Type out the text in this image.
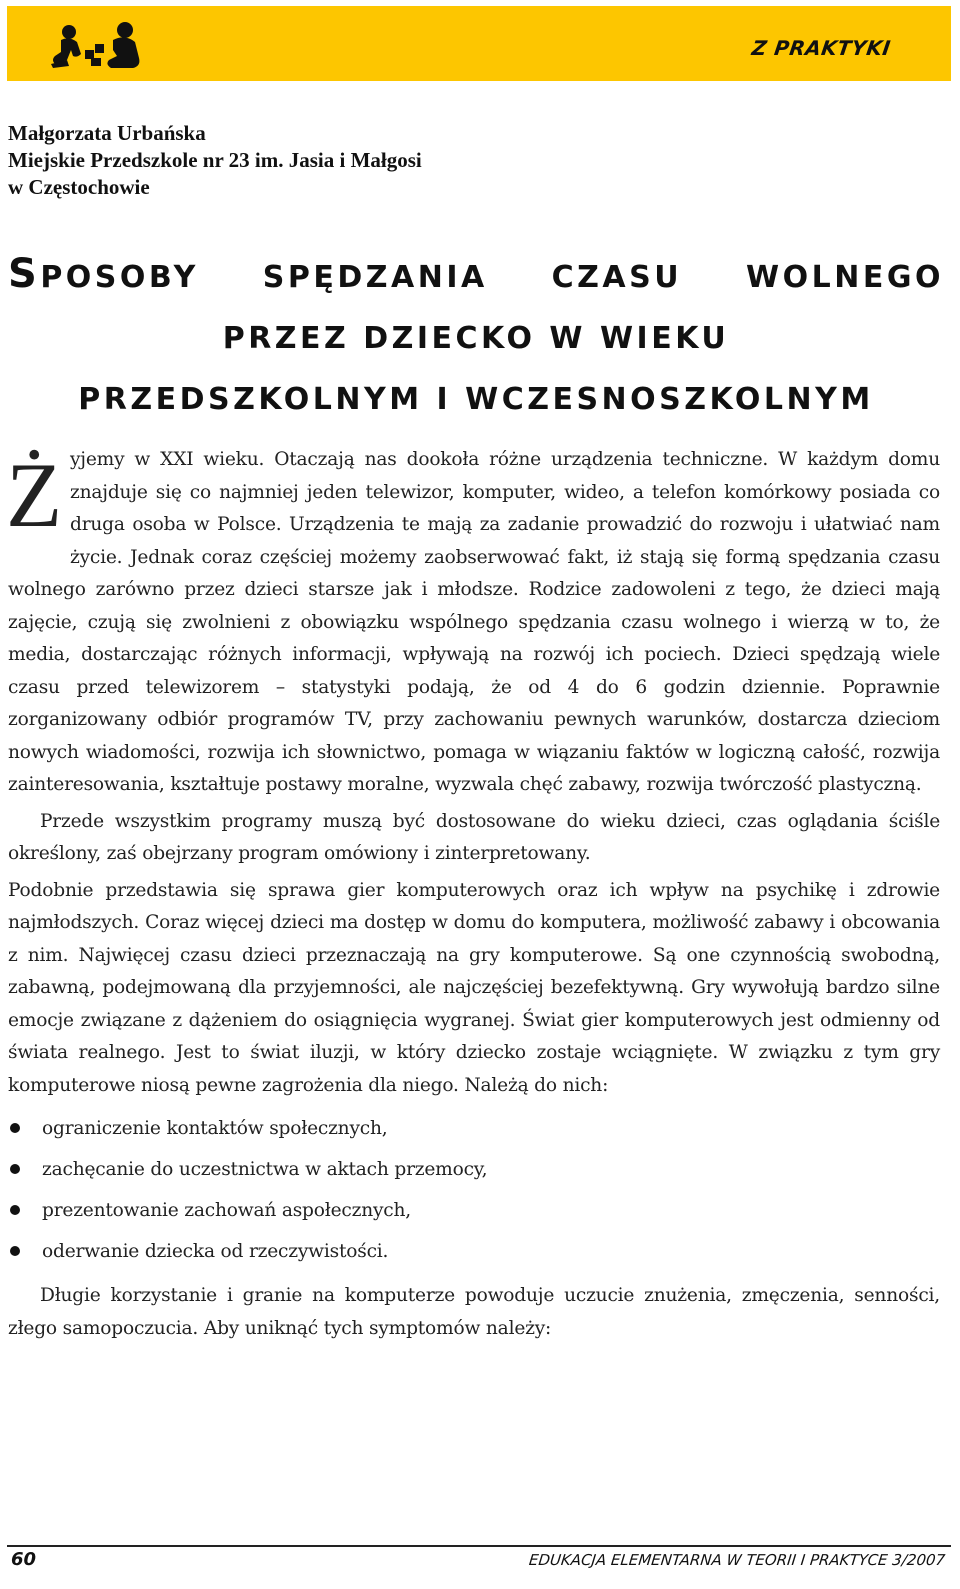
Z PRAKTYKI
Małgorzata Urbańska
Miejskie Przedszkole nr 23 im. Jasia i Małgosi
w Częstochowie
SPOSOBY SPĘDZANIA CZASU WOLNEGO
PRZEZ DZIECKO W WIEKU
PRZEDSZKOLNYM I WCZESNOSZKOLNYM

Żyjemy w XXI wieku. Otaczają nas dookoła różne urządzenia techniczne. W każdym domu znajduje się co najmniej jeden telewizor, komputer, wideo, a telefon komórkowy posiada co druga osoba w Polsce. Urządzenia te mają za zadanie prowadzić do rozwoju i ułatwiać nam życie. Jednak coraz częściej możemy zaobserwować fakt, iż stają się formą spędzania czasu wolnego zarówno przez dzieci starsze jak i młodsze. Rodzice zadowoleni z tego, że dzieci mają zajęcie, czują się zwolnieni z obowiązku wspólnego spędzania czasu wolnego i wierzą w to, że media, dostarczając różnych informacji, wpływają na rozwój ich pociech. Dzieci spędzają wiele czasu przed telewizorem – statystyki podają, że od 4 do 6 godzin dziennie. Poprawnie zorganizowany odbiór programów TV, przy zachowaniu pewnych warunków, dostarcza dzieciom nowych wiadomości, rozwija ich słownictwo, pomaga w wiązaniu faktów w logiczną całość, rozwija zainteresowania, kształtuje postawy moralne, wyzwala chęć zabawy, rozwija twórczość plastyczną.

Przede wszystkim programy muszą być dostosowane do wieku dzieci, czas oglądania ściśle określony, zaś obejrzany program omówiony i zinterpretowany.

Podobnie przedstawia się sprawa gier komputerowych oraz ich wpływ na psychikę i zdrowie najmłodszych. Coraz więcej dzieci ma dostęp w domu do komputera, możliwość zabawy i obcowania z nim. Najwięcej czasu dzieci przeznaczają na gry komputerowe. Są one czynnością swobodną, zabawną, podejmowaną dla przyjemności, ale najczęściej bezefektywną. Gry wywołują bardzo silne emocje związane z dążeniem do osiągnięcia wygranej. Świat gier komputerowych jest odmienny od świata realnego. Jest to świat iluzji, w który dziecko zostaje wciągnięte. W związku z tym gry komputerowe niosą pewne zagrożenia dla niego. Należą do nich:

ograniczenie kontaktów społecznych,
zachęcanie do uczestnictwa w aktach przemocy,
prezentowanie zachowań aspołecznych,
oderwanie dziecka od rzeczywistości.

Długie korzystanie i granie na komputerze powoduje uczucie znużenia, zmęczenia, senności, złego samopoczucia. Aby uniknąć tych symptomów należy:

60	EDUKACJA ELEMENTARNA W TEORII I PRAKTYCE 3/2007
